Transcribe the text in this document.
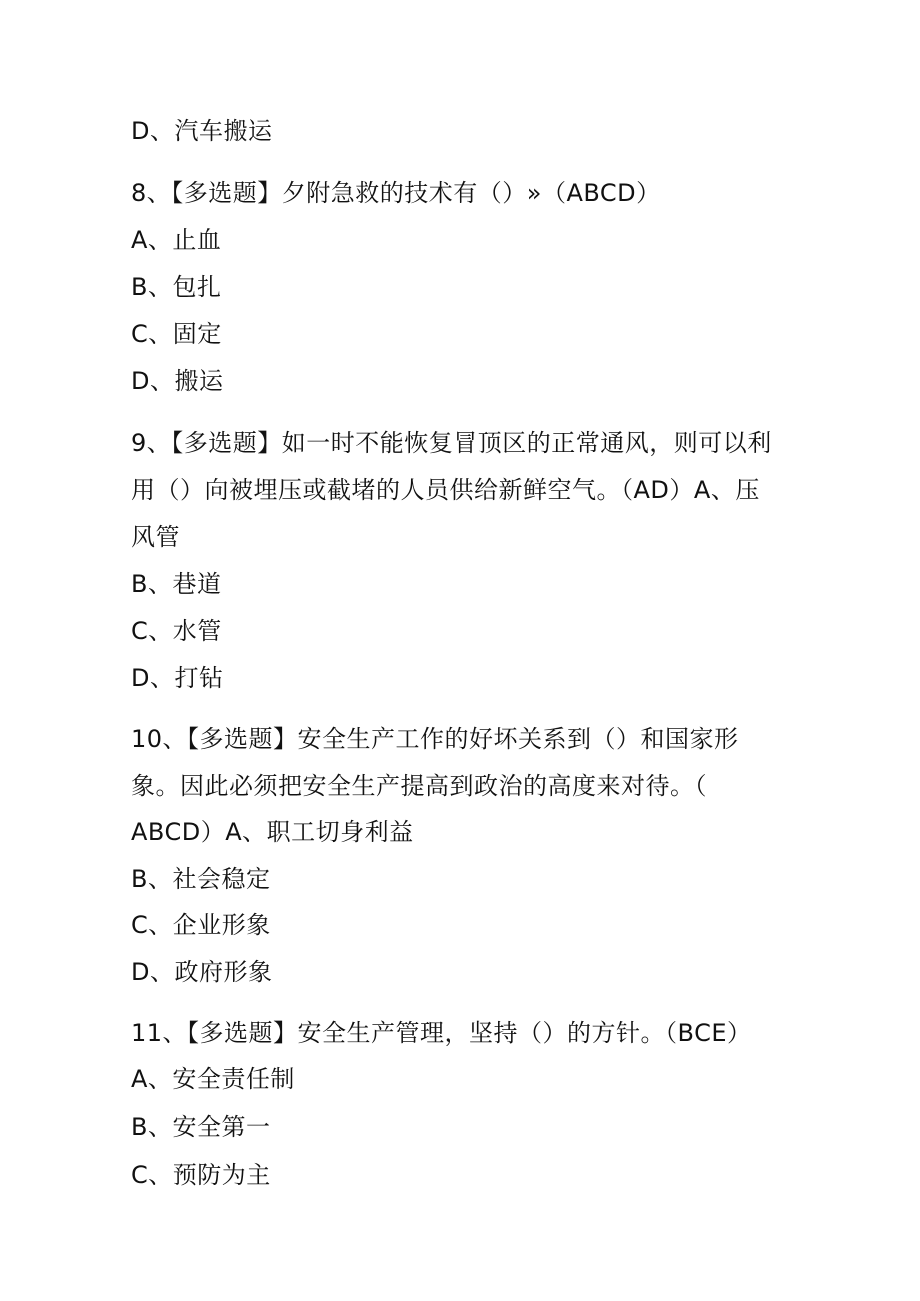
D、汽车搬运
8、【多选题】夕附急救的技术有（）»（ABCD）
A、止血
B、包扎
C、固定
D、搬运
9、【多选题】如一时不能恢复冒顶区的正常通风，则可以利
用（）向被埋压或截堵的人员供给新鲜空气。（AD）A、压
风管
B、巷道
C、水管
D、打钻
10、【多选题】安全生产工作的好坏关系到（）和国家形
象。因此必须把安全生产提高到政治的高度来对待。（
ABCD）A、职工切身利益
B、社会稳定
C、企业形象
D、政府形象
11、【多选题】安全生产管理，坚持（）的方针。（BCE）
A、安全责任制
B、安全第一
C、预防为主
